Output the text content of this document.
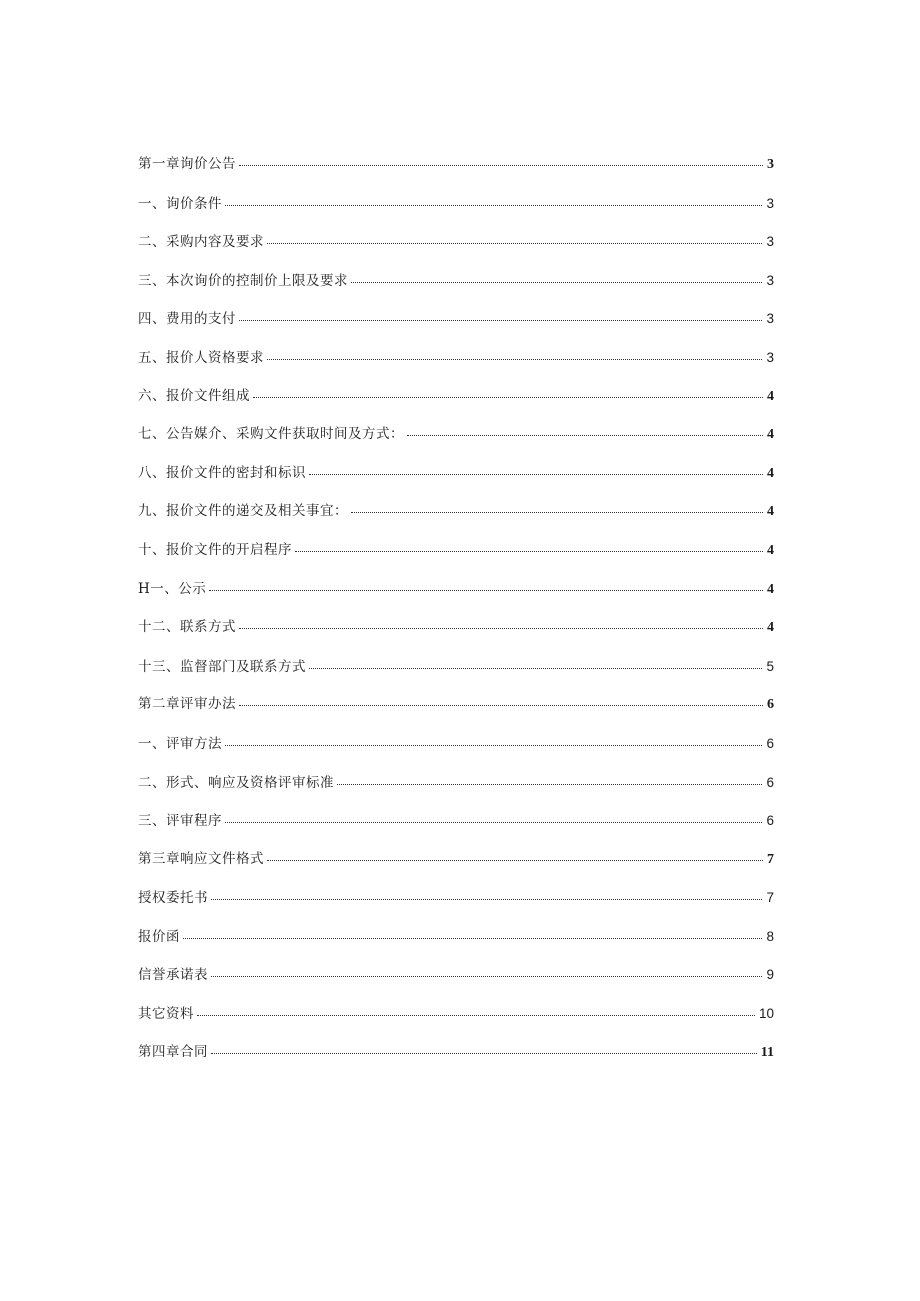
第一章询价公告	3
一、询价条件	3
二、采购内容及要求	3
三、本次询价的控制价上限及要求	3
四、费用的支付	3
五、报价人资格要求	3
六、报价文件组成	4
七、公告媒介、采购文件获取时间及方式：	4
八、报价文件的密封和标识	4
九、报价文件的递交及相关事宜：	4
十、报价文件的开启程序	4
H一、公示	4
十二、联系方式	4
十三、监督部门及联系方式	5
第二章评审办法	6
一、评审方法	6
二、形式、响应及资格评审标准	6
三、评审程序	6
第三章响应文件格式	7
授权委托书	7
报价函	8
信誉承诺表	9
其它资料	10
第四章合同	11
